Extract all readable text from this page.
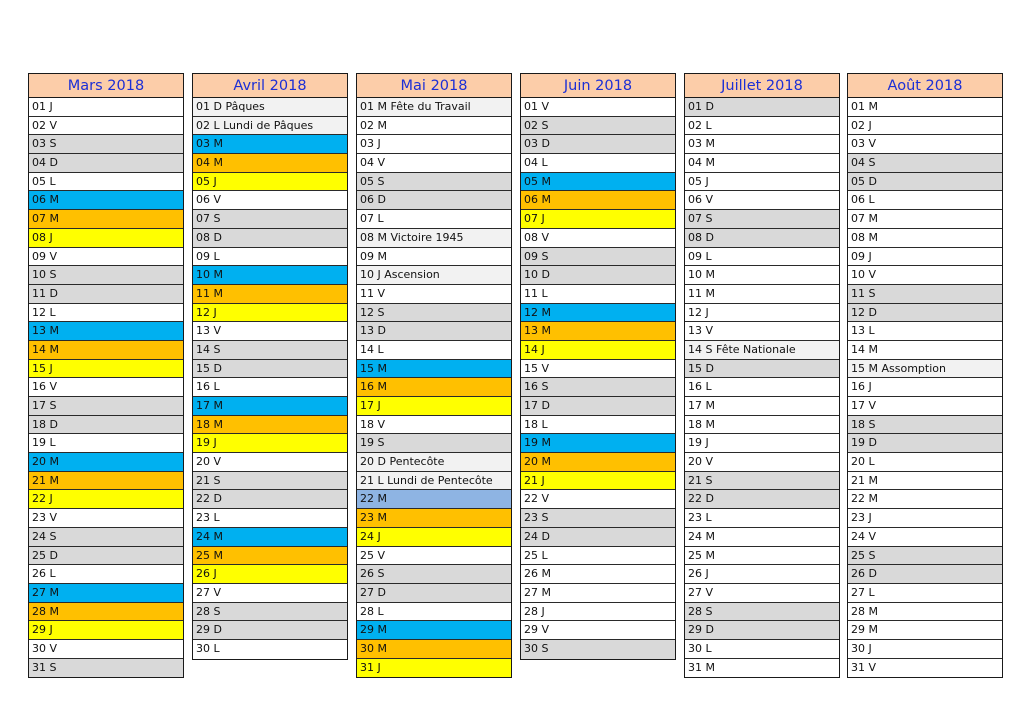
Mars 2018
01 J
02 V
03 S
04 D
05 L
06 M
07 M
08 J
09 V
10 S
11 D
12 L
13 M
14 M
15 J
16 V
17 S
18 D
19 L
20 M
21 M
22 J
23 V
24 S
25 D
26 L
27 M
28 M
29 J
30 V
31 S
Avril 2018
01 D Pâques
02 L Lundi de Pâques
03 M
04 M
05 J
06 V
07 S
08 D
09 L
10 M
11 M
12 J
13 V
14 S
15 D
16 L
17 M
18 M
19 J
20 V
21 S
22 D
23 L
24 M
25 M
26 J
27 V
28 S
29 D
30 L
Mai 2018
01 M Fête du Travail
02 M
03 J
04 V
05 S
06 D
07 L
08 M Victoire 1945
09 M
10 J Ascension
11 V
12 S
13 D
14 L
15 M
16 M
17 J
18 V
19 S
20 D Pentecôte
21 L Lundi de Pentecôte
22 M
23 M
24 J
25 V
26 S
27 D
28 L
29 M
30 M
31 J
Juin 2018
01 V
02 S
03 D
04 L
05 M
06 M
07 J
08 V
09 S
10 D
11 L
12 M
13 M
14 J
15 V
16 S
17 D
18 L
19 M
20 M
21 J
22 V
23 S
24 D
25 L
26 M
27 M
28 J
29 V
30 S
Juillet 2018
01 D
02 L
03 M
04 M
05 J
06 V
07 S
08 D
09 L
10 M
11 M
12 J
13 V
14 S Fête Nationale
15 D
16 L
17 M
18 M
19 J
20 V
21 S
22 D
23 L
24 M
25 M
26 J
27 V
28 S
29 D
30 L
31 M
Août 2018
01 M
02 J
03 V
04 S
05 D
06 L
07 M
08 M
09 J
10 V
11 S
12 D
13 L
14 M
15 M Assomption
16 J
17 V
18 S
19 D
20 L
21 M
22 M
23 J
24 V
25 S
26 D
27 L
28 M
29 M
30 J
31 V
